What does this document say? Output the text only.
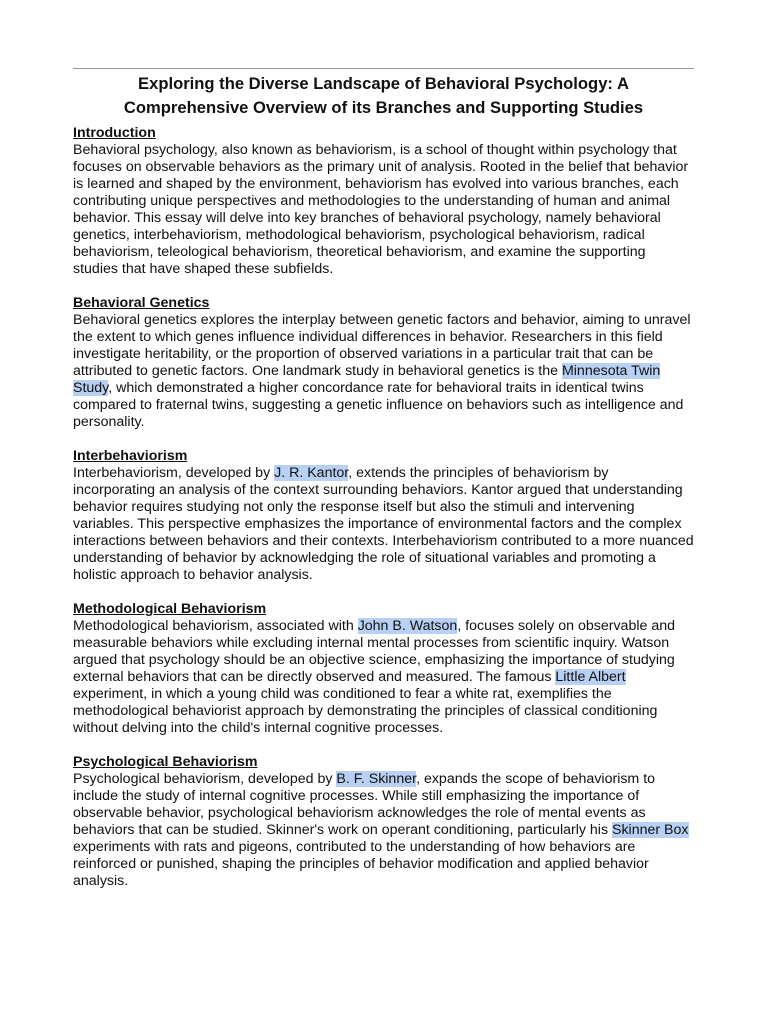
Exploring the Diverse Landscape of Behavioral Psychology: A
Comprehensive Overview of its Branches and Supporting Studies
Introduction

Behavioral psychology, also known as behaviorism, is a school of thought within psychology that focuses on observable behaviors as the primary unit of analysis. Rooted in the belief that behavior is learned and shaped by the environment, behaviorism has evolved into various branches, each contributing unique perspectives and methodologies to the understanding of human and animal behavior. This essay will delve into key branches of behavioral psychology, namely behavioral genetics, interbehaviorism, methodological behaviorism, psychological behaviorism, radical behaviorism, teleological behaviorism, theoretical behaviorism, and examine the supporting studies that have shaped these subfields.

Behavioral Genetics

Behavioral genetics explores the interplay between genetic factors and behavior, aiming to unravel the extent to which genes influence individual differences in behavior. Researchers in this field investigate heritability, or the proportion of observed variations in a particular trait that can be attributed to genetic factors. One landmark study in behavioral genetics is the Minnesota Twin Study, which demonstrated a higher concordance rate for behavioral traits in identical twins compared to fraternal twins, suggesting a genetic influence on behaviors such as intelligence and personality.

Interbehaviorism

Interbehaviorism, developed by J. R. Kantor, extends the principles of behaviorism by incorporating an analysis of the context surrounding behaviors. Kantor argued that understanding behavior requires studying not only the response itself but also the stimuli and intervening variables. This perspective emphasizes the importance of environmental factors and the complex interactions between behaviors and their contexts. Interbehaviorism contributed to a more nuanced understanding of behavior by acknowledging the role of situational variables and promoting a holistic approach to behavior analysis.

Methodological Behaviorism

Methodological behaviorism, associated with John B. Watson, focuses solely on observable and measurable behaviors while excluding internal mental processes from scientific inquiry. Watson argued that psychology should be an objective science, emphasizing the importance of studying external behaviors that can be directly observed and measured. The famous Little Albert experiment, in which a young child was conditioned to fear a white rat, exemplifies the methodological behaviorist approach by demonstrating the principles of classical conditioning without delving into the child's internal cognitive processes.

Psychological Behaviorism

Psychological behaviorism, developed by B. F. Skinner, expands the scope of behaviorism to include the study of internal cognitive processes. While still emphasizing the importance of observable behavior, psychological behaviorism acknowledges the role of mental events as behaviors that can be studied. Skinner's work on operant conditioning, particularly his Skinner Box experiments with rats and pigeons, contributed to the understanding of how behaviors are reinforced or punished, shaping the principles of behavior modification and applied behavior analysis.
